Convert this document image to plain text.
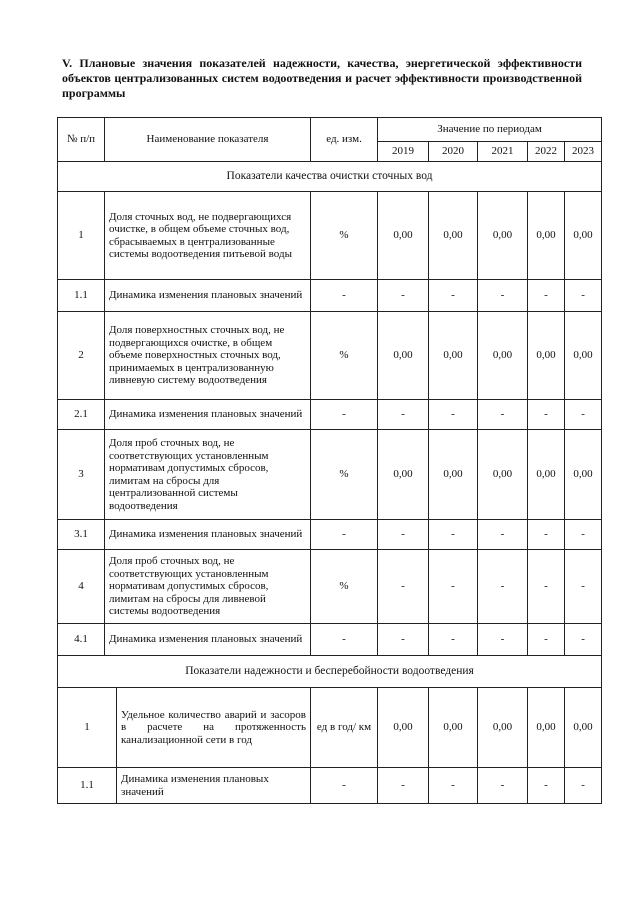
V. Плановые значения показателей надежности, качества, энергетической эффективности объектов централизованных систем водоотведения и расчет эффективности производственной программы
№ п/п	Наименование показателя		ед. изм.	Значение по периодам				
				2019	2020	2021	2022	2023
Показатели качества очистки сточных вод								
1	Доля сточных вод, не подвергающихся очистке, в общем объеме сточных вод, сбрасываемых в централизованные системы водоотведения питьевой воды		%	0,00	0,00	0,00	0,00	0,00
1.1	Динамика изменения плановых значений		-	-	-	-	-	-
2	Доля поверхностных сточных вод, не подвергающихся очистке, в общем объеме поверхностных сточных вод, принимаемых в централизованную ливневую систему водоотведения		%	0,00	0,00	0,00	0,00	0,00
2.1	Динамика изменения плановых значений		-	-	-	-	-	-
3	Доля проб сточных вод, не соответствующих установленным нормативам допустимых сбросов, лимитам на сбросы для централизованной системы водоотведения		%	0,00	0,00	0,00	0,00	0,00
3.1	Динамика изменения плановых значений		-	-	-	-	-	-
4	Доля проб сточных вод, не соответствующих установленным нормативам допустимых сбросов, лимитам на сбросы для ливневой системы водоотведения		%	-	-	-	-	-
4.1	Динамика изменения плановых значений		-	-	-	-	-	-
Показатели надежности и бесперебойности водоотведения								
1		Удельное количество аварий и засоров в расчете на протяженность канализационной сети в год	ед в год/ км	0,00	0,00	0,00	0,00	0,00
1.1		Динамика изменения плановых значений	-	-	-	-	-	-
